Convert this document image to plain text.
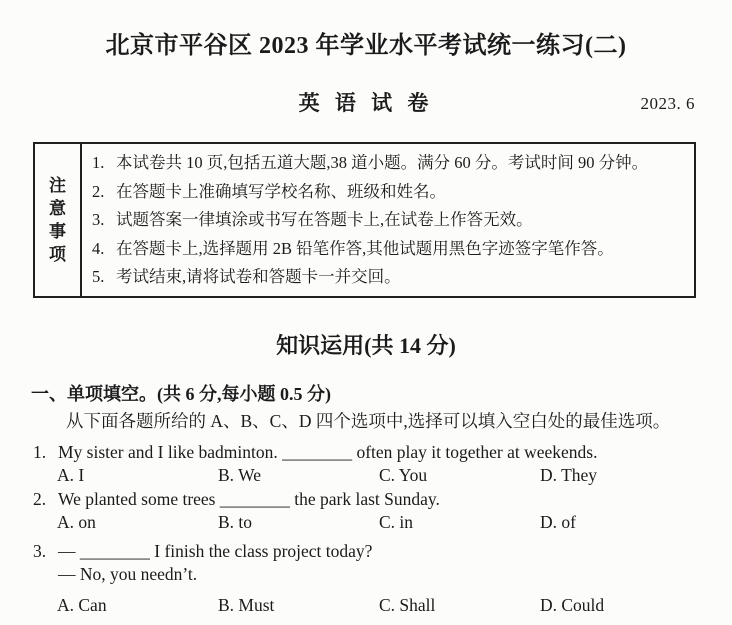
北京市平谷区 2023 年学业水平考试统一练习(二)
英 语 试 卷	2023. 6
注意事项
1. 本试卷共 10 页,包括五道大题,38 道小题。满分 60 分。考试时间 90 分钟。
2. 在答题卡上准确填写学校名称、班级和姓名。
3. 试题答案一律填涂或书写在答题卡上,在试卷上作答无效。
4. 在答题卡上,选择题用 2B 铅笔作答,其他试题用黑色字迹签字笔作答。
5. 考试结束,请将试卷和答题卡一并交回。
知识运用(共 14 分)
一、单项填空。(共 6 分,每小题 0.5 分)
从下面各题所给的 A、B、C、D 四个选项中,选择可以填入空白处的最佳选项。
1. My sister and I like badminton. ________ often play it together at weekends.
A. I	B. We	C. You	D. They
2. We planted some trees ________ the park last Sunday.
A. on	B. to	C. in	D. of
3. — ________ I finish the class project today?
— No, you needn’t.
A. Can	B. Must	C. Shall	D. Could
